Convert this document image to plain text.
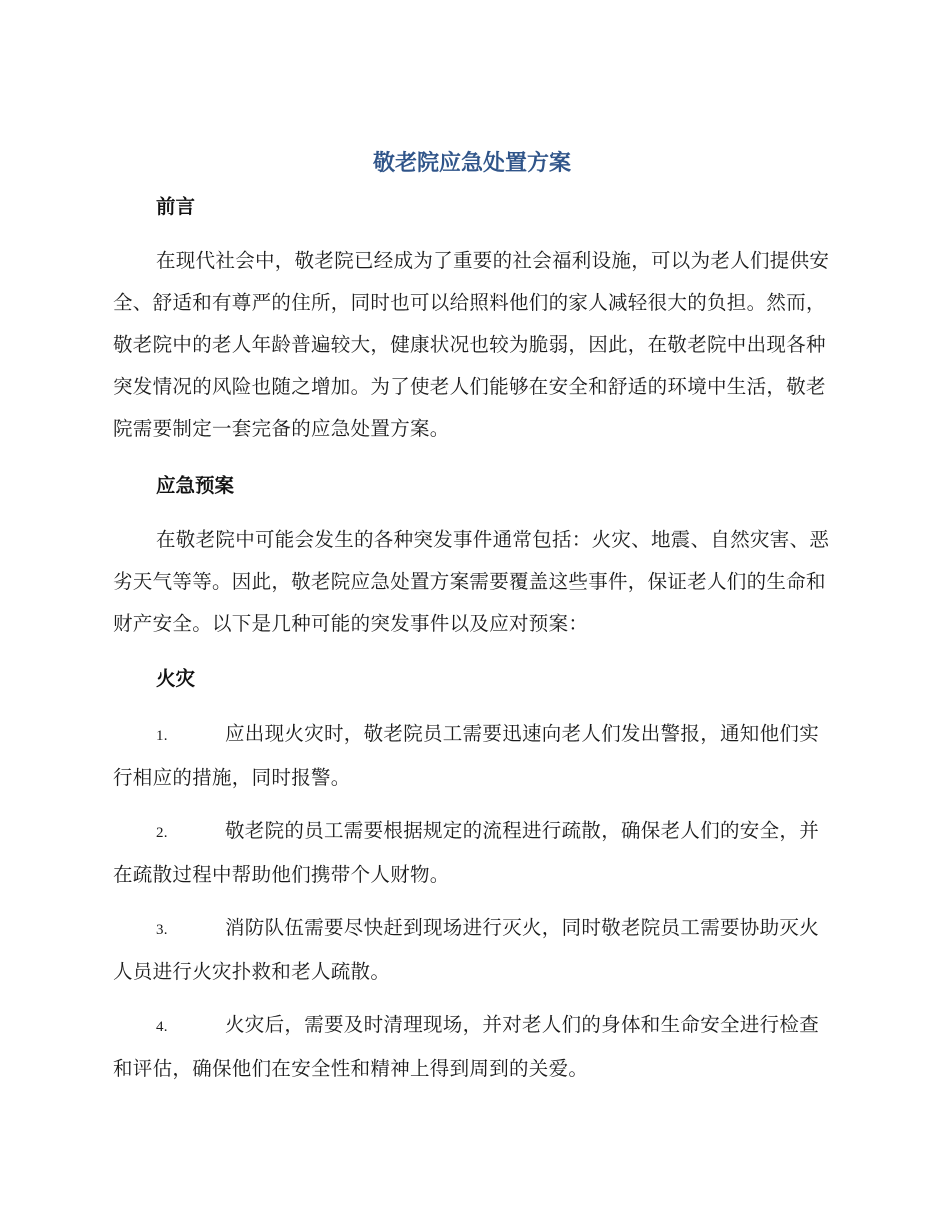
敬老院应急处置方案
前言

在现代社会中，敬老院已经成为了重要的社会福利设施，可以为老人们提供安全、舒适和有尊严的住所，同时也可以给照料他们的家人减轻很大的负担。然而，敬老院中的老人年龄普遍较大，健康状况也较为脆弱，因此，在敬老院中出现各种突发情况的风险也随之增加。为了使老人们能够在安全和舒适的环境中生活，敬老院需要制定一套完备的应急处置方案。

应急预案

在敬老院中可能会发生的各种突发事件通常包括：火灾、地震、自然灾害、恶劣天气等等。因此，敬老院应急处置方案需要覆盖这些事件，保证老人们的生命和财产安全。以下是几种可能的突发事件以及应对预案：

火灾

1.	应出现火灾时，敬老院员工需要迅速向老人们发出警报，通知他们实行相应的措施，同时报警。

2.	敬老院的员工需要根据规定的流程进行疏散，确保老人们的安全，并在疏散过程中帮助他们携带个人财物。

3.	消防队伍需要尽快赶到现场进行灭火，同时敬老院员工需要协助灭火人员进行火灾扑救和老人疏散。

4.	火灾后，需要及时清理现场，并对老人们的身体和生命安全进行检查和评估，确保他们在安全性和精神上得到周到的关爱。
